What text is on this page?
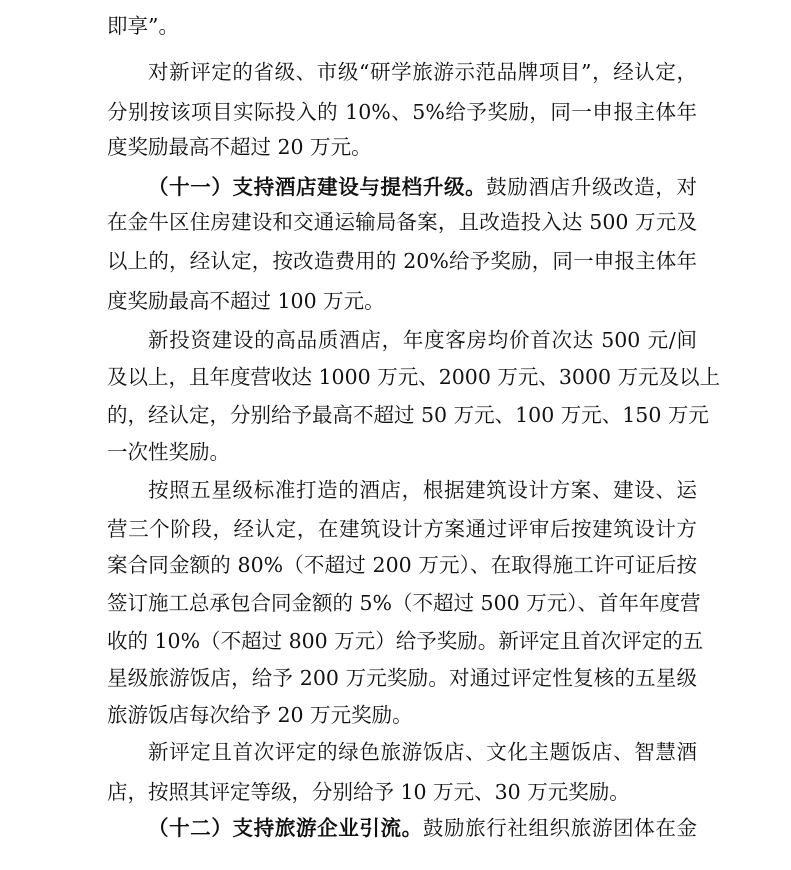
即享”。
对新评定的省级、市级“研学旅游示范品牌项目”，经认定，
分别按该项目实际投入的 10%、5%给予奖励，同一申报主体年
度奖励最高不超过 20 万元。
（十一）支持酒店建设与提档升级。鼓励酒店升级改造，对
在金牛区住房建设和交通运输局备案，且改造投入达 500 万元及
以上的，经认定，按改造费用的 20%给予奖励，同一申报主体年
度奖励最高不超过 100 万元。
新投资建设的高品质酒店，年度客房均价首次达 500 元/间
及以上，且年度营收达 1000 万元、2000 万元、3000 万元及以上
的，经认定，分别给予最高不超过 50 万元、100 万元、150 万元
一次性奖励。
按照五星级标准打造的酒店，根据建筑设计方案、建设、运
营三个阶段，经认定，在建筑设计方案通过评审后按建筑设计方
案合同金额的 80%（不超过 200 万元）、在取得施工许可证后按
签订施工总承包合同金额的 5%（不超过 500 万元）、首年年度营
收的 10%（不超过 800 万元）给予奖励。新评定且首次评定的五
星级旅游饭店，给予 200 万元奖励。对通过评定性复核的五星级
旅游饭店每次给予 20 万元奖励。
新评定且首次评定的绿色旅游饭店、文化主题饭店、智慧酒
店，按照其评定等级，分别给予 10 万元、30 万元奖励。
（十二）支持旅游企业引流。鼓励旅行社组织旅游团体在金
